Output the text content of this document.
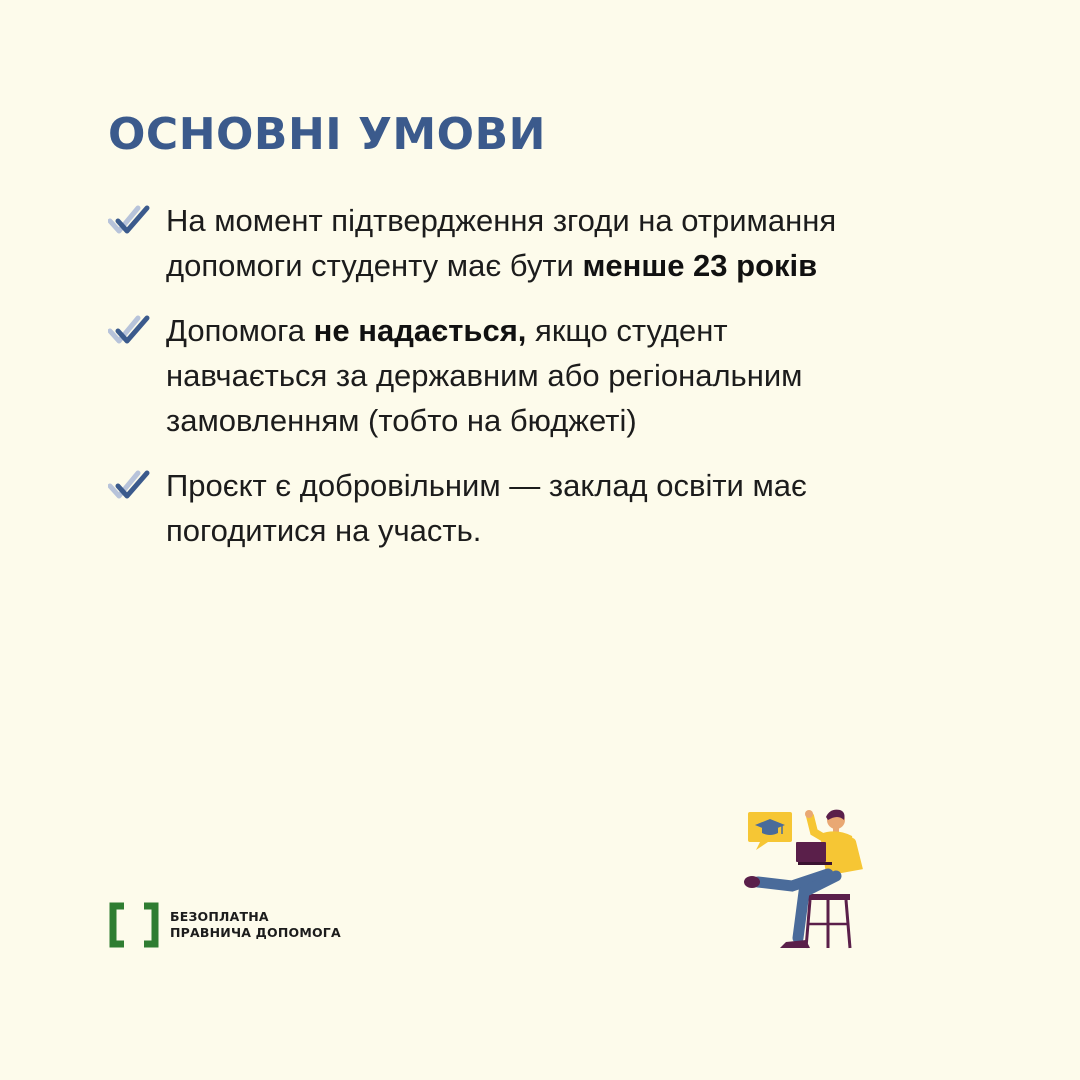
ОСНОВНІ УМОВИ
На момент підтвердження згоди на отримання
допомоги студенту має бути менше 23 років
Допомога не надається, якщо студент
навчається за державним або регіональним
замовленням (тобто на бюджеті)
Проєкт є добровільним — заклад освіти має
погодитися на участь.
БЕЗОПЛАТНА
ПРАВНИЧА ДОПОМОГА
